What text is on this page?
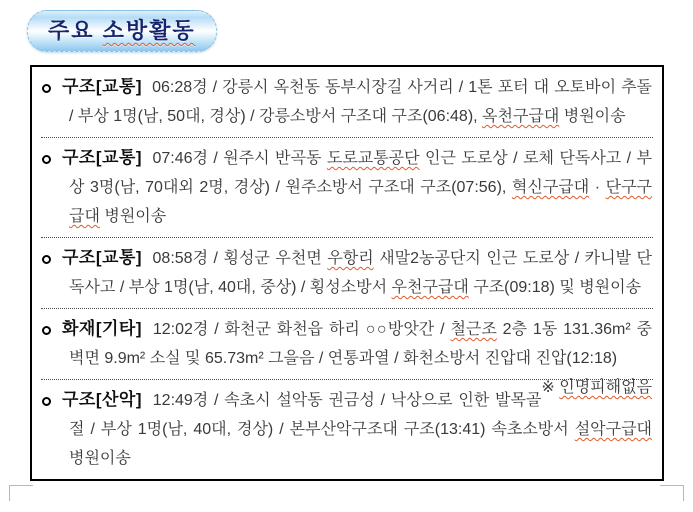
주요 소방활동

구조[교통] 06:28경 / 강릉시 옥천동 동부시장길 사거리 / 1톤 포터 대 오토바이 추돌 / 부상 1명(남, 50대, 경상) / 강릉소방서 구조대 구조(06:48), 옥천구급대 병원이송

구조[교통] 07:46경 / 원주시 반곡동 도로교통공단 인근 도로상 / 로체 단독사고 / 부상 3명(남, 70대외 2명, 경상) / 원주소방서 구조대 구조(07:56), 혁신구급대 · 단구구급대 병원이송

구조[교통] 08:58경 / 횡성군 우천면 우항리 새말2농공단지 인근 도로상 / 카니발 단독사고 / 부상 1명(남, 40대, 중상) / 횡성소방서 우천구급대 구조(09:18) 및 병원이송

화재[기타] 12:02경 / 화천군 화천읍 하리 ○○방앗간 / 철근조 2층 1동 131.36m² 중 벽면 9.9m² 소실 및 65.73m² 그을음 / 연통과열 / 화천소방서 진압대 진압(12:18)
※ 인명피해없음

구조[산악] 12:49경 / 속초시 설악동 권금성 / 낙상으로 인한 발목골절 / 부상 1명(남, 40대, 경상) / 본부산악구조대 구조(13:41) 속초소방서 설악구급대 병원이송
